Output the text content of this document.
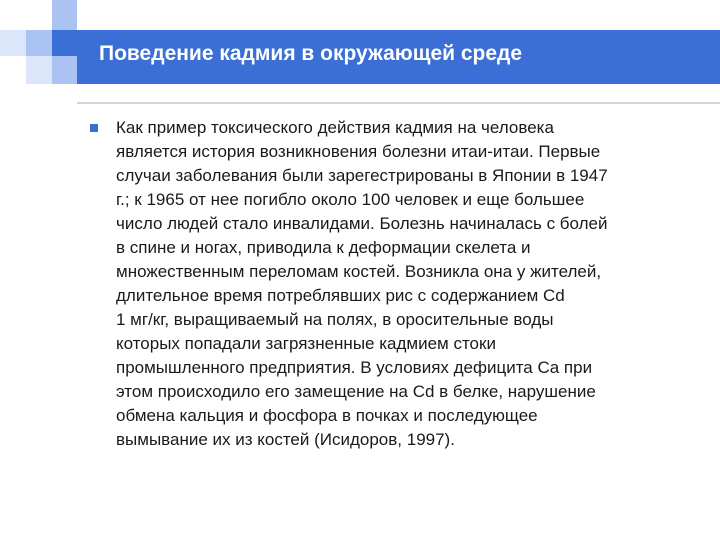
Поведение кадмия в окружающей среде
Как пример токсического действия кадмия на человека
является история возникновения болезни итаи-итаи. Первые
случаи заболевания были зарегестрированы в Японии в 1947
г.; к 1965 от нее погибло около 100 человек и еще большее
число людей стало инвалидами. Болезнь начиналась с болей
в спине и ногах, приводила к деформации скелета и
множественным переломам костей. Возникла она у жителей,
длительное время потреблявших рис с содержанием Cd
1 мг/кг, выращиваемый на полях, в оросительные воды
которых попадали загрязненные кадмием стоки
промышленного предприятия. В условиях дефицита Ca при
этом происходило его замещение на Cd в белке, нарушение
обмена кальция и фосфора в почках и последующее
вымывание их из костей (Исидоров, 1997).
